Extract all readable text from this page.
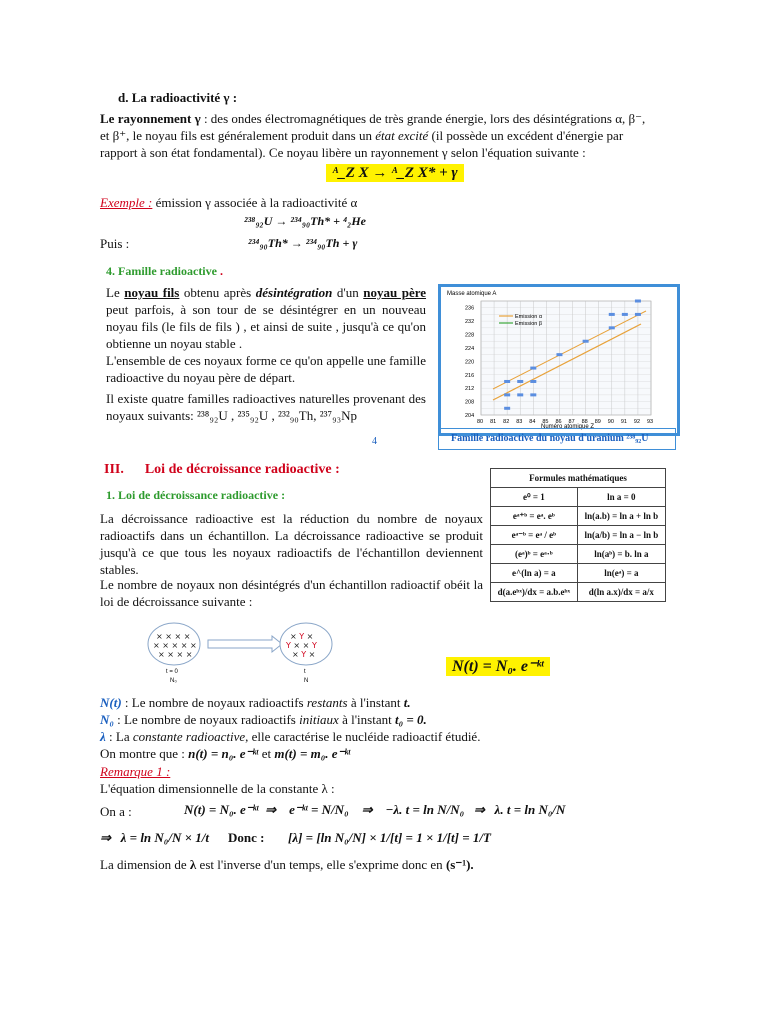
d. La radioactivité γ :
Le rayonnement γ : des ondes électromagnétiques de très grande énergie, lors des désintégrations α, β⁻,
et β⁺, le noyau fils est généralement produit dans un état excité (il possède un excédent d'énergie par
rapport à son état fondamental). Ce noyau libère un rayonnement γ selon l'équation suivante :
ᴬ_Z X → ᴬ_Z X* + γ
Exemple : émission γ associée à la radioactivité α
²³⁸₉₂U → ²³⁴₉₀Th* + ⁴₂He
Puis :	²³⁴₉₀Th* → ²³⁴₉₀Th + γ
4. Famille radioactive .
Le noyau fils obtenu après désintégration d'un noyau père peut parfois, à son tour de se désintégrer en un nouveau noyau fils (le fils de fils ) , et ainsi de suite , jusqu'à ce qu'on obtienne un noyau stable .
L'ensemble de ces noyaux forme ce qu'on appelle une famille radioactive du noyau père de départ.
Il existe quatre familles radioactives naturelles provenant des noyaux suivants: ²³⁸₉₂U , ²³⁵₉₂U , ²³²₉₀Th, ²³⁷₉₃Np
4
Masse atomique A
80 81 82 83 84 85 86 87 88 89 90 91 92 93
204
208
212
216
220
224
228
232
236
Emission α
Emission β
Numéro atomique Z
Famille radioactive du noyau d'uranium ²³⁸₉₂U
III.      Loi de décroissance radioactive :
1. Loi de décroissance radioactive :
La décroissance radioactive est la réduction du nombre de noyaux radioactifs dans un échantillon. La décroissance radioactive se produit jusqu'à ce que tous les noyaux radioactifs de l'échantillon deviennent stables.
Le nombre de noyaux non désintégrés d'un échantillon radioactif obéit la loi de décroissance suivante :
Formules mathématiques	
e⁰ = 1	ln a = 0
eᵃ⁺ᵇ = eᵃ. eᵇ	ln(a.b) = ln a + ln b
eᵃ⁻ᵇ = eᵃ / eᵇ	ln(a/b) = ln a − ln b
(eᵃ)ᵇ = eᵃ·ᵇ	ln(aᵇ) = b. ln a
e^(ln a) = a	ln(eᵃ) = a
d(a.eᵇˣ)/dx = a.b.eᵇˣ	d(ln a.x)/dx = a/x
× × × ×
× × × × ×
× × × ×
× Y ×
Y × × Y
× Y ×
t = 0
N₀
t
N
N(t) = N₀. e⁻ᵏᵗ
N(t) : Le nombre de noyaux radioactifs restants à l'instant t.
N₀ : Le nombre de noyaux radioactifs initiaux à l'instant t₀ = 0.
λ : La constante radioactive, elle caractérise le nucléide radioactif étudié.
On montre que : n(t) = n₀. e⁻ᵏᵗ et m(t) = m₀. e⁻ᵏᵗ
Remarque 1 :
L'équation dimensionnelle de la constante λ :
On a :	N(t) = N₀. e⁻ᵏᵗ  ⇒    e⁻ᵏᵗ = N/N₀    ⇒    −λ. t = ln N/N₀   ⇒   λ. t = ln N₀/N
⇒   λ = ln N₀/N × 1/t Donc : [λ] = [ln N₀/N] × 1/[t] = 1 × 1/[t] = 1/T
La dimension de λ est l'inverse d'un temps, elle s'exprime donc en (s⁻¹).
